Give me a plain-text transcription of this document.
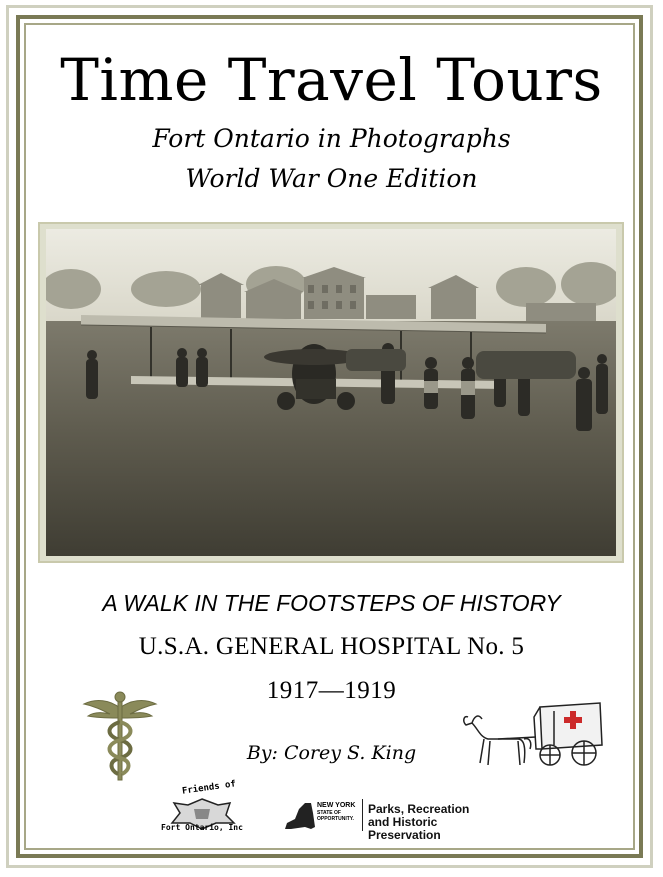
Time Travel Tours
Fort Ontario in Photographs
World War One Edition
A WALK IN THE FOOTSTEPS OF HISTORY
U.S.A. GENERAL HOSPITAL No. 5
1917—1919
By: Corey S. King
Friends of
Fort Ontario, Inc
NEW YORK
STATE OF
OPPORTUNITY.
Parks, Recreation
and Historic Preservation
